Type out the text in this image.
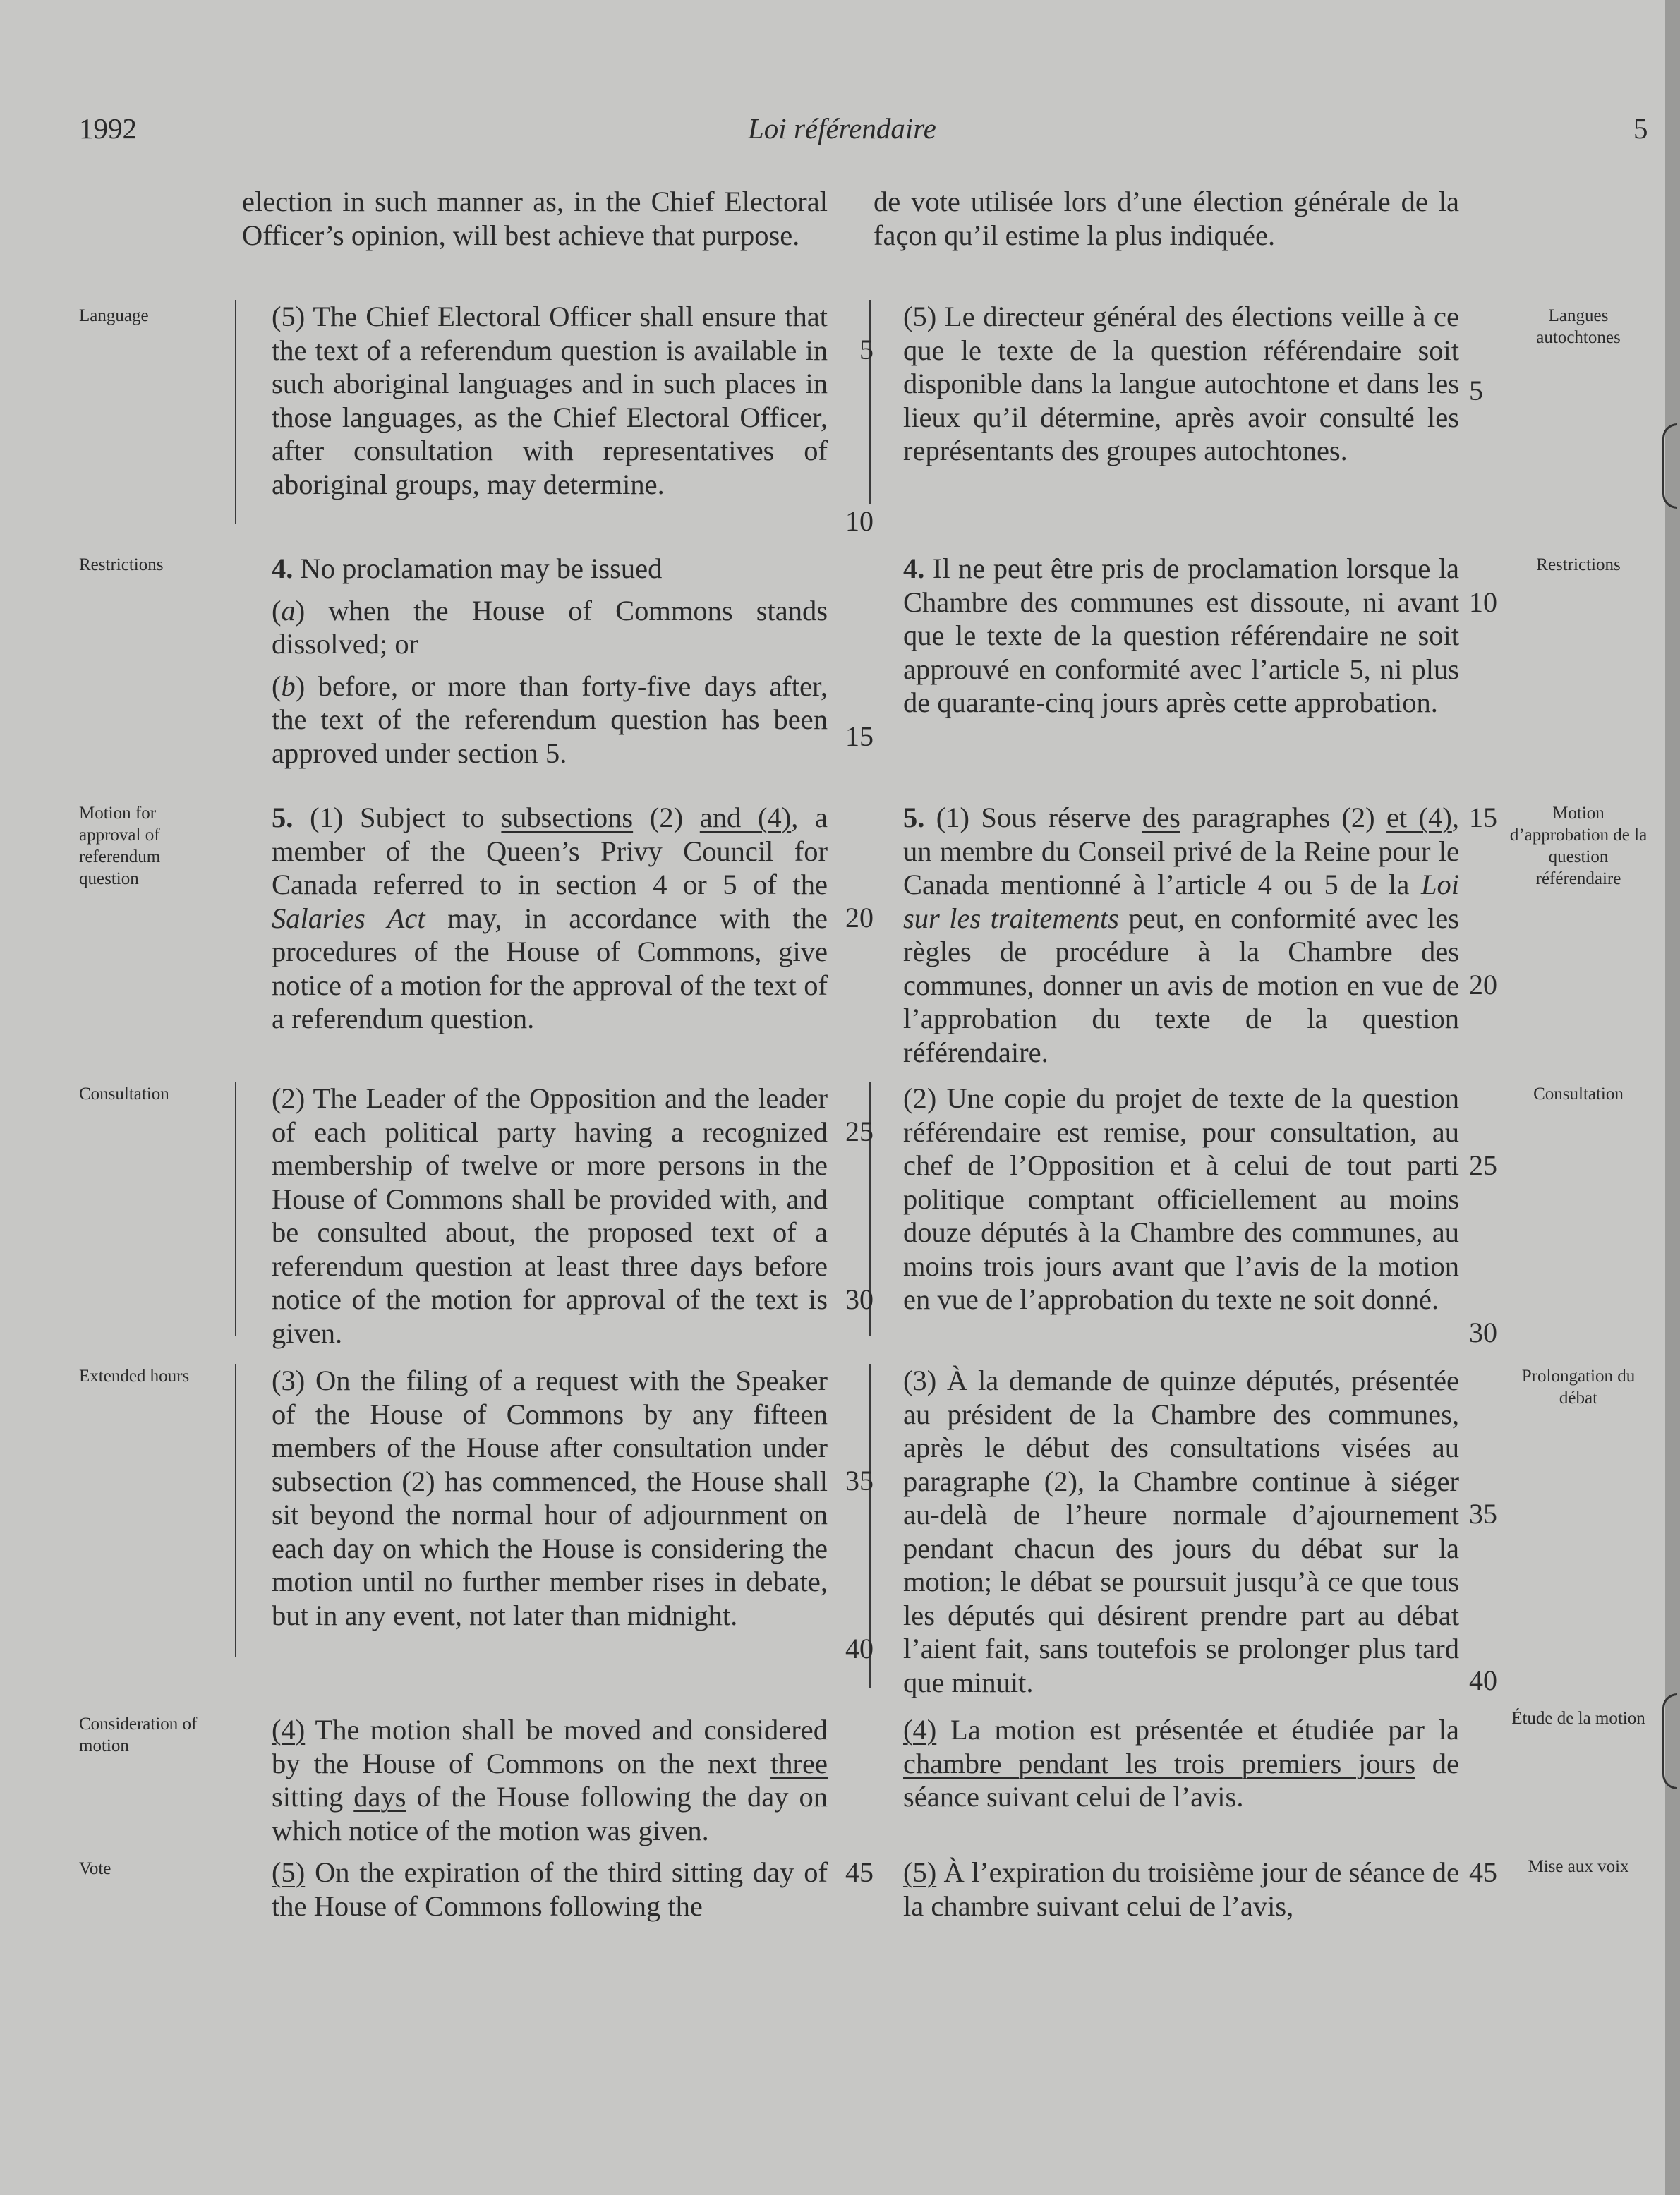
1992	Loi référendaire	5

election in such manner as, in the Chief Electoral Officer’s opinion, will best achieve that purpose.

(5) The Chief Electoral Officer shall ensure that the text of a referendum question is available in such aboriginal languages and in such places in those languages, as the Chief Electoral Officer, after consultation with representatives of aboriginal groups, may determine.

4. No proclamation may be issued

(a) when the House of Commons stands dissolved; or

(b) before, or more than forty-five days after, the text of the referendum question has been approved under section 5.

5. (1) Subject to subsections (2) and (4), a member of the Queen’s Privy Council for Canada referred to in section 4 or 5 of the Salaries Act may, in accordance with the procedures of the House of Commons, give notice of a motion for the approval of the text of a referendum question.

(2) The Leader of the Opposition and the leader of each political party having a recognized membership of twelve or more persons in the House of Commons shall be provided with, and be consulted about, the proposed text of a referendum question at least three days before notice of the motion for approval of the text is given.

(3) On the filing of a request with the Speaker of the House of Commons by any fifteen members of the House after consultation under subsection (2) has commenced, the House shall sit beyond the normal hour of adjournment on each day on which the House is considering the motion until no further member rises in debate, but in any event, not later than midnight.

(4) The motion shall be moved and considered by the House of Commons on the next three sitting days of the House following the day on which notice of the motion was given.

(5) On the expiration of the third sitting day of the House of Commons following the

de vote utilisée lors d’une élection générale de la façon qu’il estime la plus indiquée.

(5) Le directeur général des élections veille à ce que le texte de la question référendaire soit disponible dans la langue autochtone et dans les lieux qu’il détermine, après avoir consulté les représentants des groupes autochtones.

4. Il ne peut être pris de proclamation lorsque la Chambre des communes est dissoute, ni avant que le texte de la question référendaire ne soit approuvé en conformité avec l’article 5, ni plus de quarante-cinq jours après cette approbation.

5. (1) Sous réserve des paragraphes (2) et (4), un membre du Conseil privé de la Reine pour le Canada mentionné à l’article 4 ou 5 de la Loi sur les traitements peut, en conformité avec les règles de procédure à la Chambre des communes, donner un avis de motion en vue de l’approbation du texte de la question référendaire.

(2) Une copie du projet de texte de la question référendaire est remise, pour consultation, au chef de l’Opposition et à celui de tout parti politique comptant officiellement au moins douze députés à la Chambre des communes, au moins trois jours avant que l’avis de la motion en vue de l’approbation du texte ne soit donné.

(3) À la demande de quinze députés, présentée au président de la Chambre des communes, après le début des consultations visées au paragraphe (2), la Chambre continue à siéger au-delà de l’heure normale d’ajournement pendant chacun des jours du débat sur la motion; le débat se poursuit jusqu’à ce que tous les députés qui désirent prendre part au débat l’aient fait, sans toutefois se prolonger plus tard que minuit.

(4) La motion est présentée et étudiée par la chambre pendant les trois premiers jours de séance suivant celui de l’avis.

(5) À l’expiration du troisième jour de séance de la chambre suivant celui de l’avis,

5
10
15
20
25
30
35
40
45
5
10
15
20
25
30
35
40
45
Language
Restrictions
Motion for approval of referendum question
Consultation
Extended hours
Consideration of motion
Vote
Langues autochtones
Restrictions
Motion d’approbation de la question référendaire
Consultation
Prolongation du débat
Étude de la motion
Mise aux voix
